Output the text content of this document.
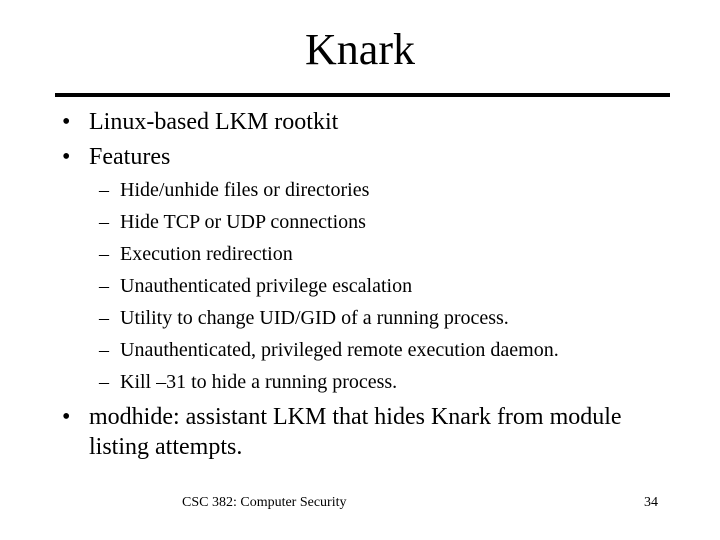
Knark
• Linux-based LKM rootkit
• Features
– Hide/unhide files or directories
– Hide TCP or UDP connections
– Execution redirection
– Unauthenticated privilege escalation
– Utility to change UID/GID of a running process.
– Unauthenticated, privileged remote execution daemon.
– Kill –31 to hide a running process.
• modhide: assistant LKM that hides Knark from module listing attempts.
CSC 382: Computer Security	34
